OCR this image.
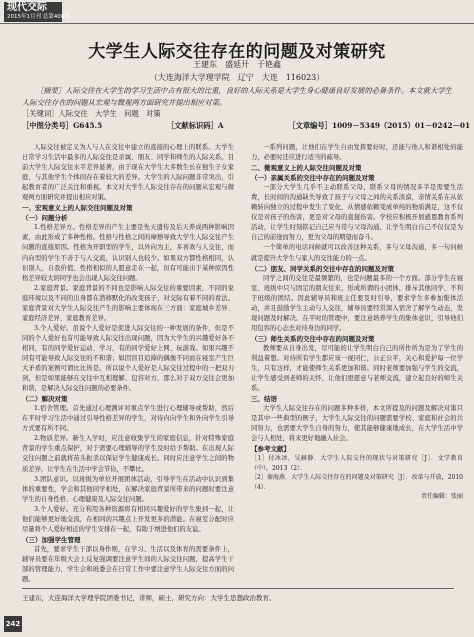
现代交际
2015年1月刊 总第400期
大学生人际交往存在的问题及对策研究
王建东　盛延开　于艳鑫
（大连海洋大学理学院　辽宁　大连　116023）
［摘要］人际交往在大学生的学习生活中占有很大的比重，良好的人际关系是大学生身心健康良好发展的必备条件。本文就大学生人际交往存在的问题从宏观与微观两方面研究并提出相应对策。
［关键词］人际交往　大学生　问题　对策
［中图分类号］G645.5	［文献标识码］A	［文章编号］1009－5349（2015）01－0242－01

人际交往被定义为人与人在交往中建立的直接的心理上的联系。大学生日常学习生活中最多的人际交往是亲属、朋友、同学和师生的人际关系。目前大学生人际交往水平差异显著，由于现在大学生大多数生长在独生子女家庭，与其他学生个体间存在着较大的差异。大学生的人际问题非常突出，引起教育者的广泛关注和重视。本文对大学生人际交往存在的问题从宏观与微观两方面研究并提出相应对策。

一、宏观意义上的人际交往问题及对策
（一）问题分析

1.性格差异方。性格差异的产生主要是先天遗传及后天养成两种影响因素，由此形成了多种性格。性格与性格之间的摩擦导致大学生人际交往产生问题的直接原因。性格为开朗型的学生，以外向为主，多喜欢与人交往，而内向型的学生不善于与人交流，认识别人也较少。如果双方都性格相同，认识别人，自我价值、性格相似的人愿意走在一起，但有可能出于某种原因性格差异较大的同学也会出现人际交往问题。

2.家庭背景。家庭背景的不同也是影响人际交往的重要因素，不同的家庭环境以及不同的出身都在潜移默化的改变孩子，对交际有着不同的看法。家庭背景对大学生人际交往产生的影响主要体现在三方面：家庭城乡差异、家庭经济差异、家庭教育差异。

3.个人爱好。虽说个人爱好是促进人际交往的一种发展的条件，但是不同的个人爱好也有可能导致人际交往出现问题，因为大学生的兴趣爱好各不相同，有的同学爱好运动、学习，有的同学爱好上网、玩游戏。如果兴趣不同有可能导致人际交往的不和谐；如因盲目追捧的偶像不同而在寝室产生巨大矛盾的案例可谓比比皆是。所以说个人爱好是人际交往过程中的一把双刃剑，但是如果能够在交往中互相理解、包容对方，那么对于双方交往会更加和谐，是解决人际交往问题的必要条件。

（二）解决对策

1.宿舍管理。首先通过心理测评对重点学生进行心理辅导或帮助，然后在平时学习生活中通过引导性格差异的学生，对待内向学生和外向学生引导方式要有所不同。

2.物质差异。新生入学时，应注意收集学生的家庭信息，针对特殊家庭背景的学生重点保护，对于需要心理辅导的学生及时给予帮助。在出现人际交往问题之前就将苗头扼杀以保证学生健康成长。同时应注意学生之间的物质差异，让学生在生活中学会节俭，不攀比。

3.团队意识。以班级为单位开展团体活动，引导学生在活动中认识到集体的重要性，学会和其他同学相处，在解决家庭背景所带来的问题时要注意学生的自身性格、心理健康及人际交往问题。

3.个人爱好。充分利用各种资源将有相同兴趣爱好的学生集到一起，让他们能够更好地交流，在相同的兴趣点上开发更多的潜能。在寝室分配时应尽量将个人爱好相近的学生安排在一起，有助于增进他们的友谊。

（三）加强学生管理

首先，要求学生干部以身作则，在学习、生活以及体育的需要条件上，辅导员要在年级大会上反复强调要注意学生间的人际交往问题，提高学生干部的管理能力，学生会和班委会在日常工作中要注意学生人际交往方面的问题。

一系列问题，让他们在学生自由发挥要好时，还能与他人和谐相处的能力，必要时还应进行适当的疏导。

二、微观意义上的人际交往问题及对策
（一）亲属关系的交往中存在的问题及对策

一部分大学生几乎不主动联系父母，联系父母的情况多半是需要生活费，长时间的沟通缺失导致了孩子与父母之间的关系淡漠，亲情关系在从依赖转向独立的过程中发生了变化，从情感依赖变成单纯的物质满足，这不仅仅是对孩子的伤害，更是对父母的直接伤害。学校应积极开展感恩教育系列活动，让学生时刻铭记自己应当常与父母沟通，让学生明白自己不仅仅是为自己的前途而努力，更为父母的期望而奋斗。

一个简单的电话问候就可以改善这种关系，多与父母沟通，多一句问候就是提升大学生与家人的交往能力的一点。

（二）朋友、同学关系的交往中存在的问题及对策

同学之间的交往是最频繁的，也是问题最多的一个方面。部分学生在寝室、班级中只与固定的朋友往来，形成所谓的小团体，排斥其他同学，不利于班级的团结。因此辅导员和班主任要及时引导，要求学生多参加集体活动，并且鼓励学生主动与人交往，辅导员要经常深入宿舍了解学生动态，发现问题及时解决。在平时的管理中，要注意培养学生的集体意识，引导他们用包容的心态去对待身边的同学。

（三）师生关系的交往中存在的问题及对策

教师要从自身出发，尽可能的让学生明白自己的所作所为是为了学生的利益着想。对待所有学生都应该一视同仁，公正公平，关心和爱护每一位学生，只有这样，才能使师生关系更加和谐。同时老师要加强与学生的交流，让学生感受到老师的关怀，让他们更愿意与老师交流，建立起良好的师生关系。

三、结语

大学生人际交往存在的问题多种多样，本文所提及的问题及解决对策只是其中一些典型的例子，大学生人际交往的问题需要学校、家庭和社会的共同努力，也需要大学生自身的努力，使其能够健康地成长，在大学生活中学会与人相处，将来更好地融入社会。

【参考文献】

［1］付冰冰，吴赫静．大学生人际交往的现状与对策研究［J］．文学教育（中），2013（2）．

［2］秦海燕．大学生人际交往存在的问题及对策研究［J］．改革与开放，2010（4）．

责任编辑：张丽

王建东，大连海洋大学理学院团委书记，讲师，硕士，研究方向：大学生思想政治教育。
242
